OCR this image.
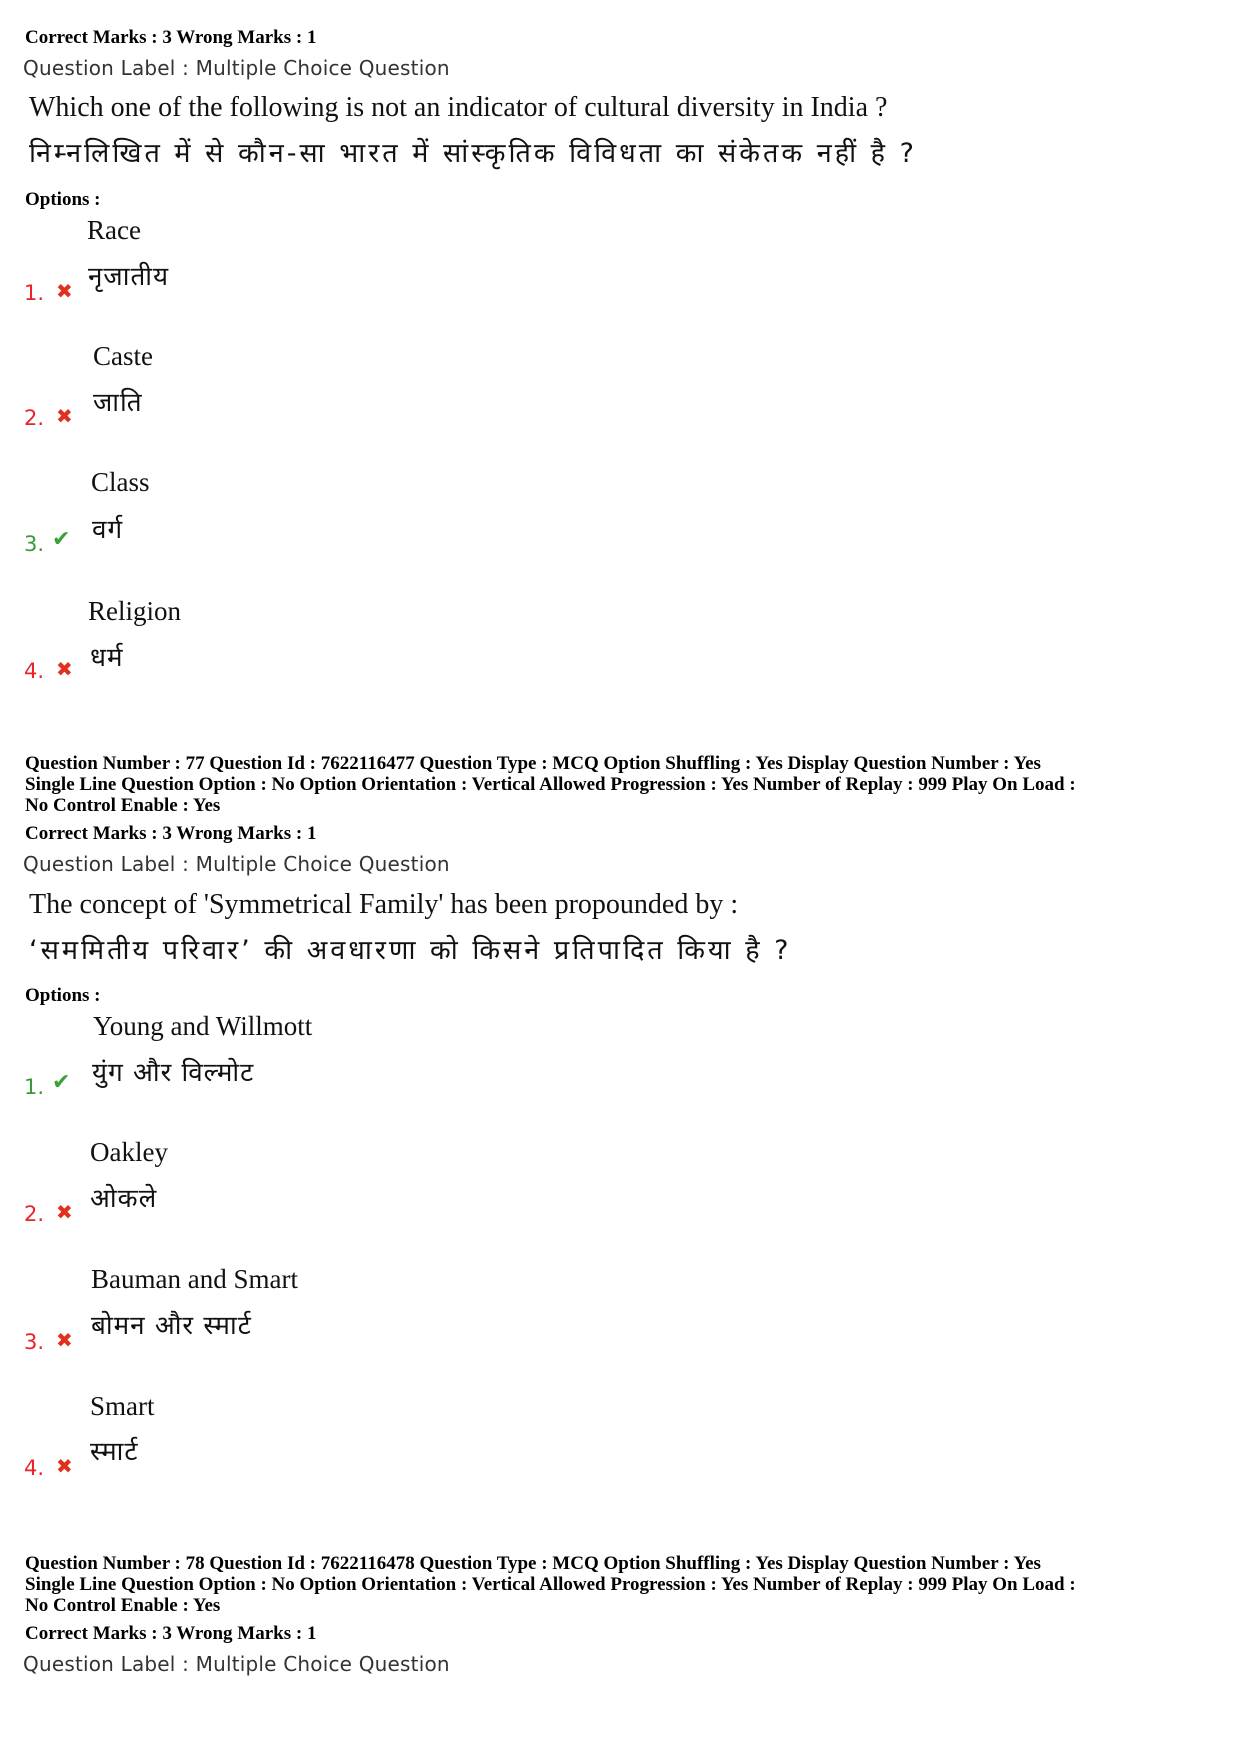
Correct Marks : 3 Wrong Marks : 1
Question Label : Multiple Choice Question
Which one of the following is not an indicator of cultural diversity in India ?
निम्नलिखित में से कौन-सा भारत में सांस्कृतिक विविधता का संकेतक नहीं है ?
Options :
Race
नृजातीय
1. ✖
Caste
जाति
2. ✖
Class
वर्ग
3. ✔
Religion
धर्म
4. ✖
Question Number : 77 Question Id : 7622116477 Question Type : MCQ Option Shuffling : Yes Display Question Number : Yes
Single Line Question Option : No Option Orientation : Vertical Allowed Progression : Yes Number of Replay : 999 Play On Load :
No Control Enable : Yes
Correct Marks : 3 Wrong Marks : 1
Question Label : Multiple Choice Question
The concept of 'Symmetrical Family' has been propounded by :
‘सममितीय परिवार’ की अवधारणा को किसने प्रतिपादित किया है ?
Options :
Young and Willmott
युंग और विल्मोट
1. ✔
Oakley
ओकले
2. ✖
Bauman and Smart
बोमन और स्मार्ट
3. ✖
Smart
स्मार्ट
4. ✖
Question Number : 78 Question Id : 7622116478 Question Type : MCQ Option Shuffling : Yes Display Question Number : Yes
Single Line Question Option : No Option Orientation : Vertical Allowed Progression : Yes Number of Replay : 999 Play On Load :
No Control Enable : Yes
Correct Marks : 3 Wrong Marks : 1
Question Label : Multiple Choice Question
